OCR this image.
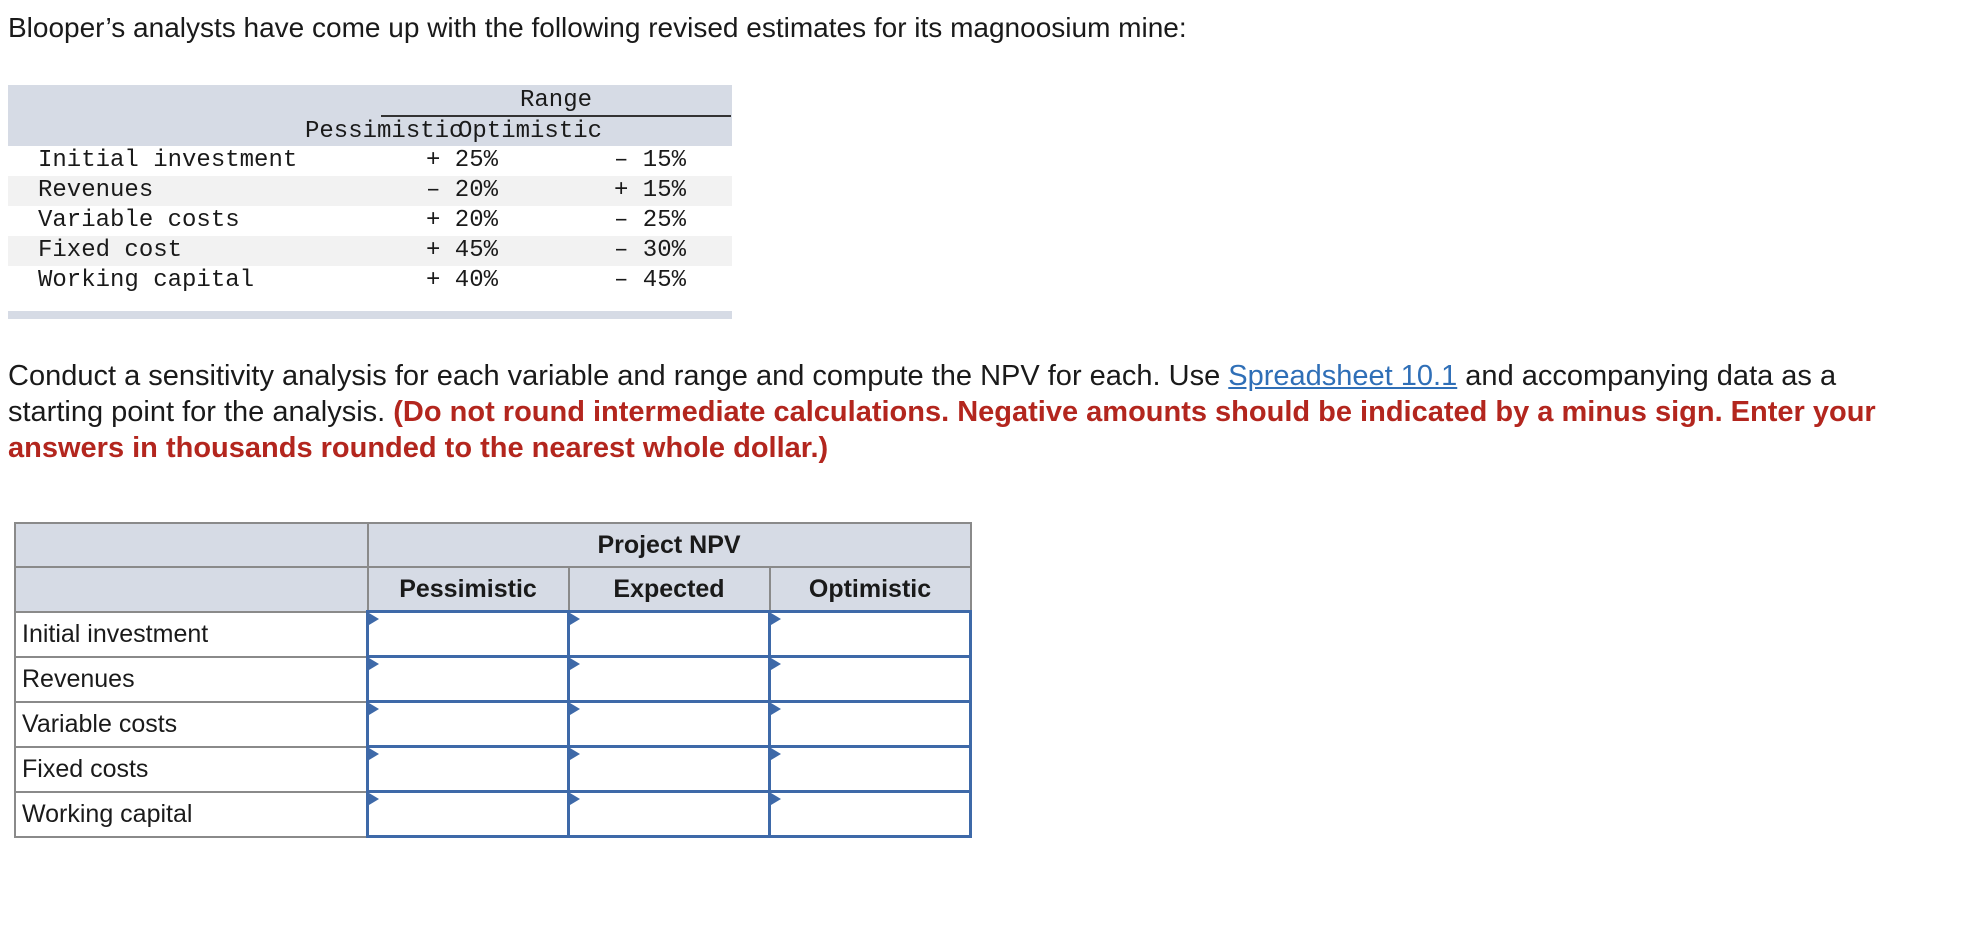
Blooper’s analysts have come up with the following revised estimates for its magnoosium mine:

Range
Pessimistic
Optimistic
Initial investment	+ 25%	– 15%
Revenues	– 20%	+ 15%
Variable costs	+ 20%	– 25%
Fixed cost	+ 45%	– 30%
Working capital	+ 40%	– 45%

Conduct a sensitivity analysis for each variable and range and compute the NPV for each. Use Spreadsheet 10.1 and accompanying data as a starting point for the analysis. (Do not round intermediate calculations. Negative amounts should be indicated by a minus sign. Enter your answers in thousands rounded to the nearest whole dollar.)

	Project NPV		
	Pessimistic	Expected	Optimistic
Initial investment	

Revenues	

Variable costs	

Fixed costs	

Working capital	
